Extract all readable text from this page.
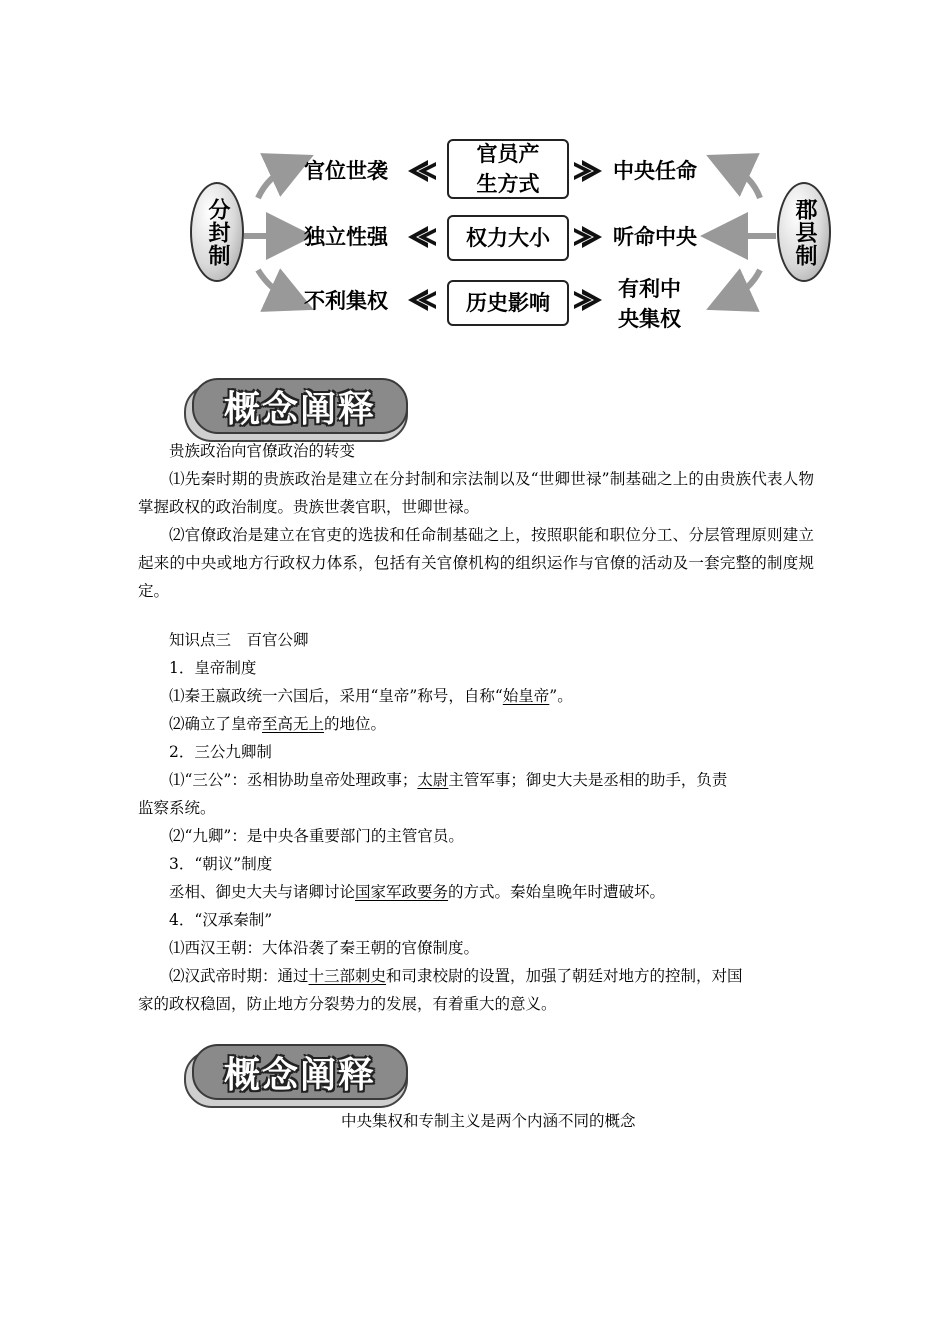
分封制	郡县制
官员产生方式
权力大小
历史影响
官位世袭
独立性强
不利集权
中央任命
听命中央
有利中央集权
概念阐释
贵族政治向官僚政治的转变
⑴先秦时期的贵族政治是建立在分封制和宗法制以及“世卿世禄”制基础之上的由贵族代表人物掌握政权的政治制度。贵族世袭官职，世卿世禄。
⑵官僚政治是建立在官吏的选拔和任命制基础之上，按照职能和职位分工、分层管理原则建立起来的中央或地方行政权力体系，包括有关官僚机构的组织运作与官僚的活动及一套完整的制度规定。
知识点三　百官公卿
1．皇帝制度
⑴秦王嬴政统一六国后，采用“皇帝”称号，自称“始皇帝”。
⑵确立了皇帝至高无上的地位。
2．三公九卿制
⑴“三公”：丞相协助皇帝处理政事；太尉主管军事；御史大夫是丞相的助手，负责
监察系统。
⑵“九卿”：是中央各重要部门的主管官员。
3．“朝议”制度
丞相、御史大夫与诸卿讨论国家军政要务的方式。秦始皇晚年时遭破坏。
4．“汉承秦制”
⑴西汉王朝：大体沿袭了秦王朝的官僚制度。
⑵汉武帝时期：通过十三部刺史和司隶校尉的设置，加强了朝廷对地方的控制，对国
家的政权稳固，防止地方分裂势力的发展，有着重大的意义。
概念阐释
中央集权和专制主义是两个内涵不同的概念
